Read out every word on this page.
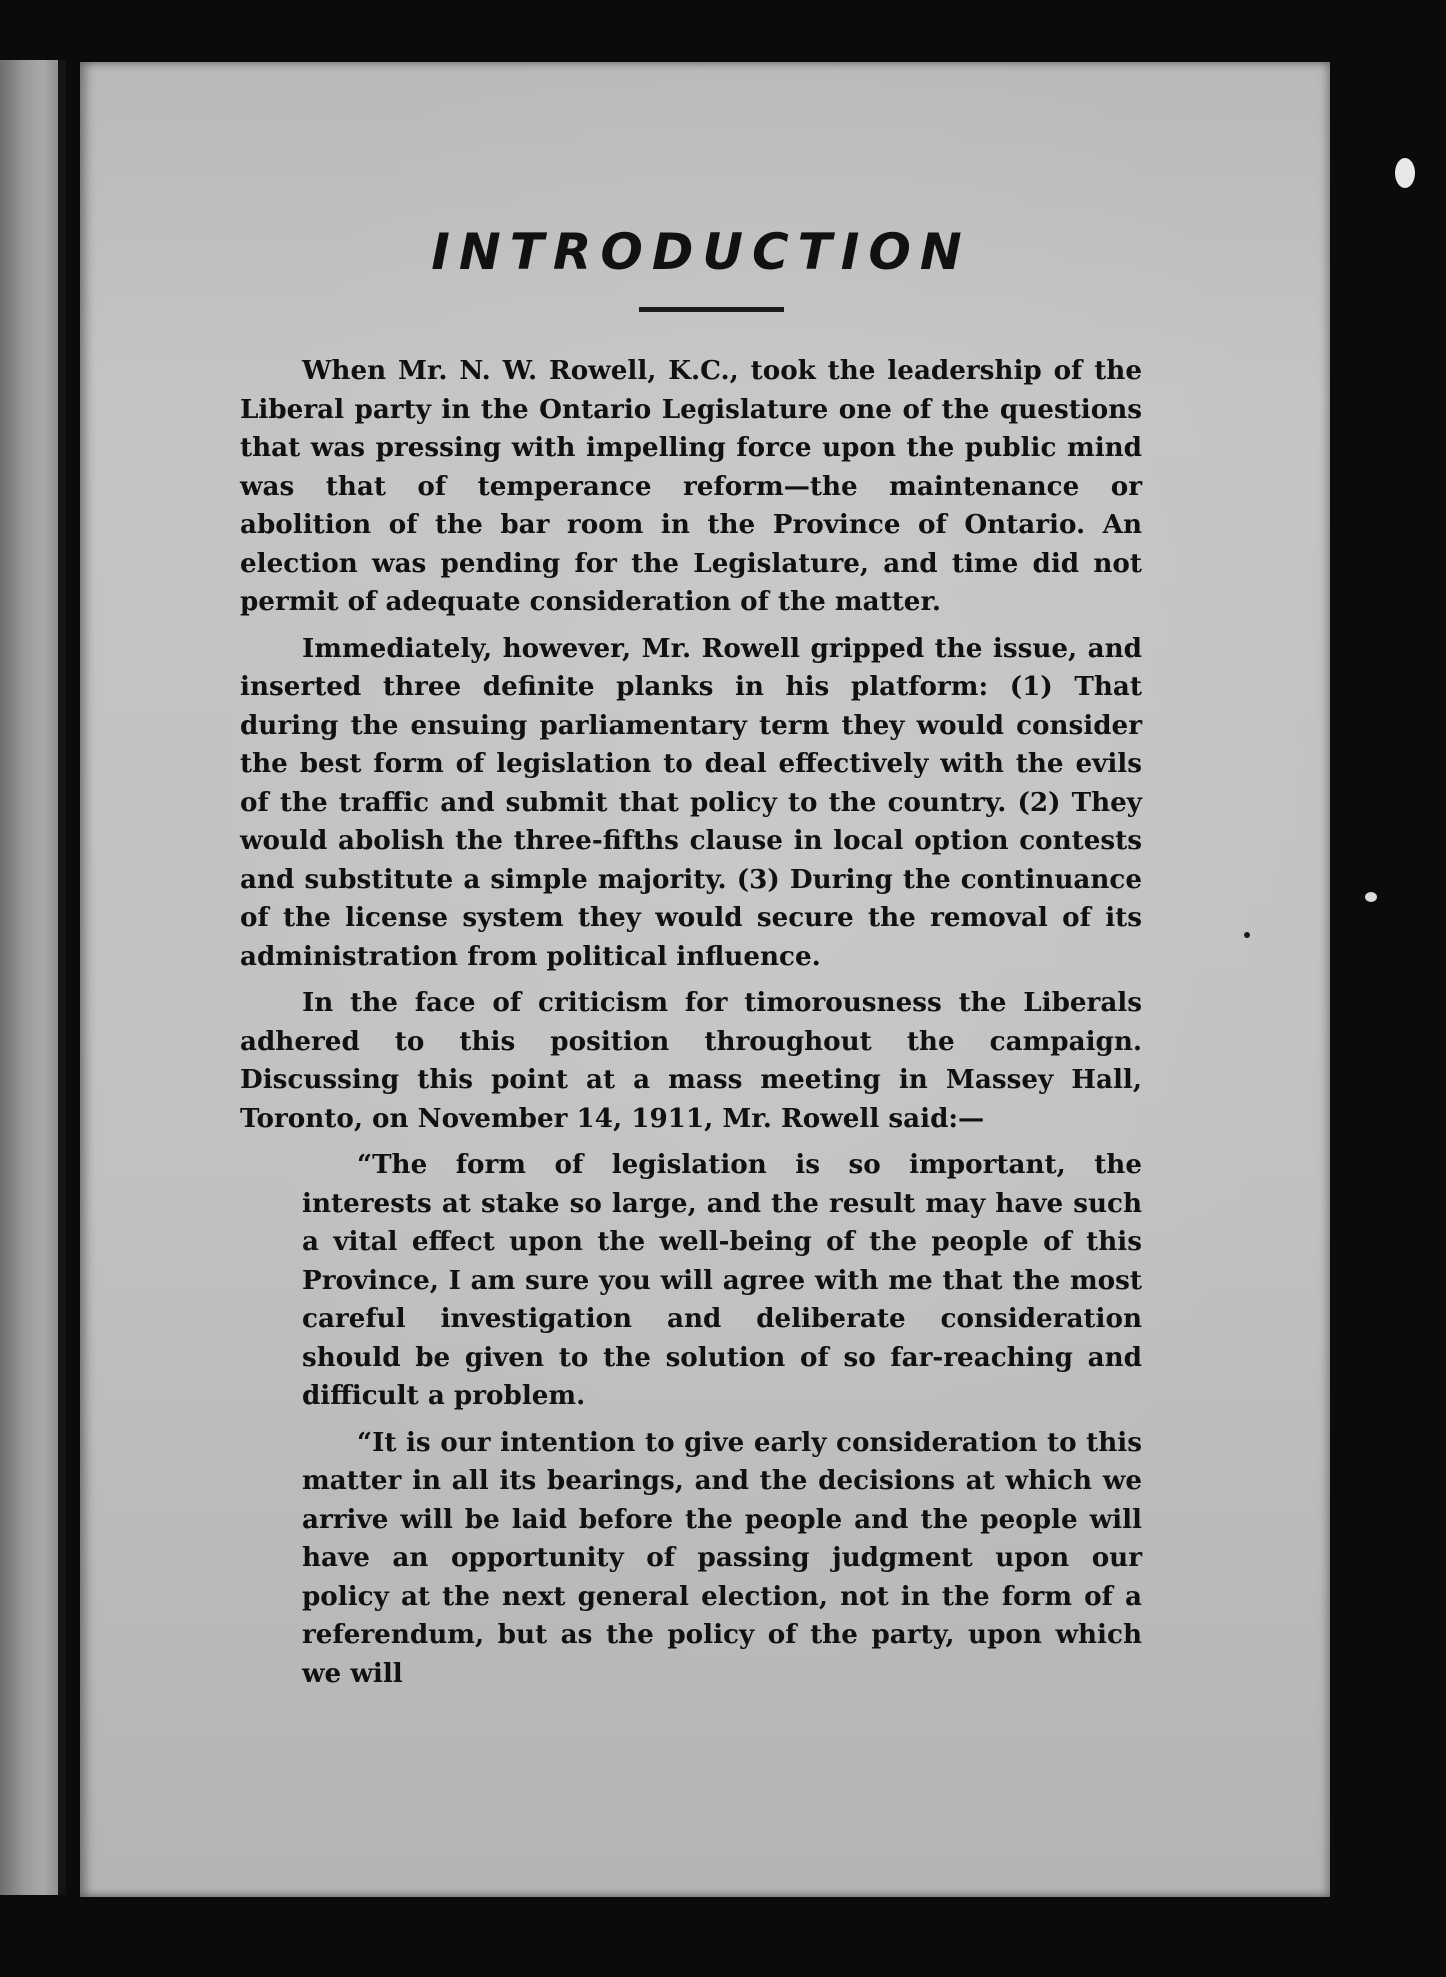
INTRODUCTION

When Mr. N. W. Rowell, K.C., took the leadership of the Liberal party in the Ontario Legislature one of the questions that was pressing with impelling force upon the public mind was that of temperance reform—the maintenance or abolition of the bar room in the Province of Ontario. An election was pending for the Legislature, and time did not permit of adequate consideration of the matter.

Immediately, however, Mr. Rowell gripped the issue, and inserted three definite planks in his platform: (1) That during the ensuing parliamentary term they would consider the best form of legislation to deal effectively with the evils of the traffic and submit that policy to the country. (2) They would abolish the three-fifths clause in local option contests and substitute a simple majority. (3) During the continuance of the license system they would secure the removal of its administration from political influence.

In the face of criticism for timorousness the Liberals adhered to this position throughout the campaign. Discussing this point at a mass meeting in Massey Hall, Toronto, on November 14, 1911, Mr. Rowell said:—

“The form of legislation is so important, the interests at stake so large, and the result may have such a vital effect upon the well-being of the people of this Province, I am sure you will agree with me that the most careful investigation and deliberate consideration should be given to the solution of so far-reaching and difficult a problem.

“It is our intention to give early consideration to this matter in all its bearings, and the decisions at which we arrive will be laid before the people and the people will have an opportunity of passing judgment upon our policy at the next general election, not in the form of a referendum, but as the policy of the party, upon which we will
